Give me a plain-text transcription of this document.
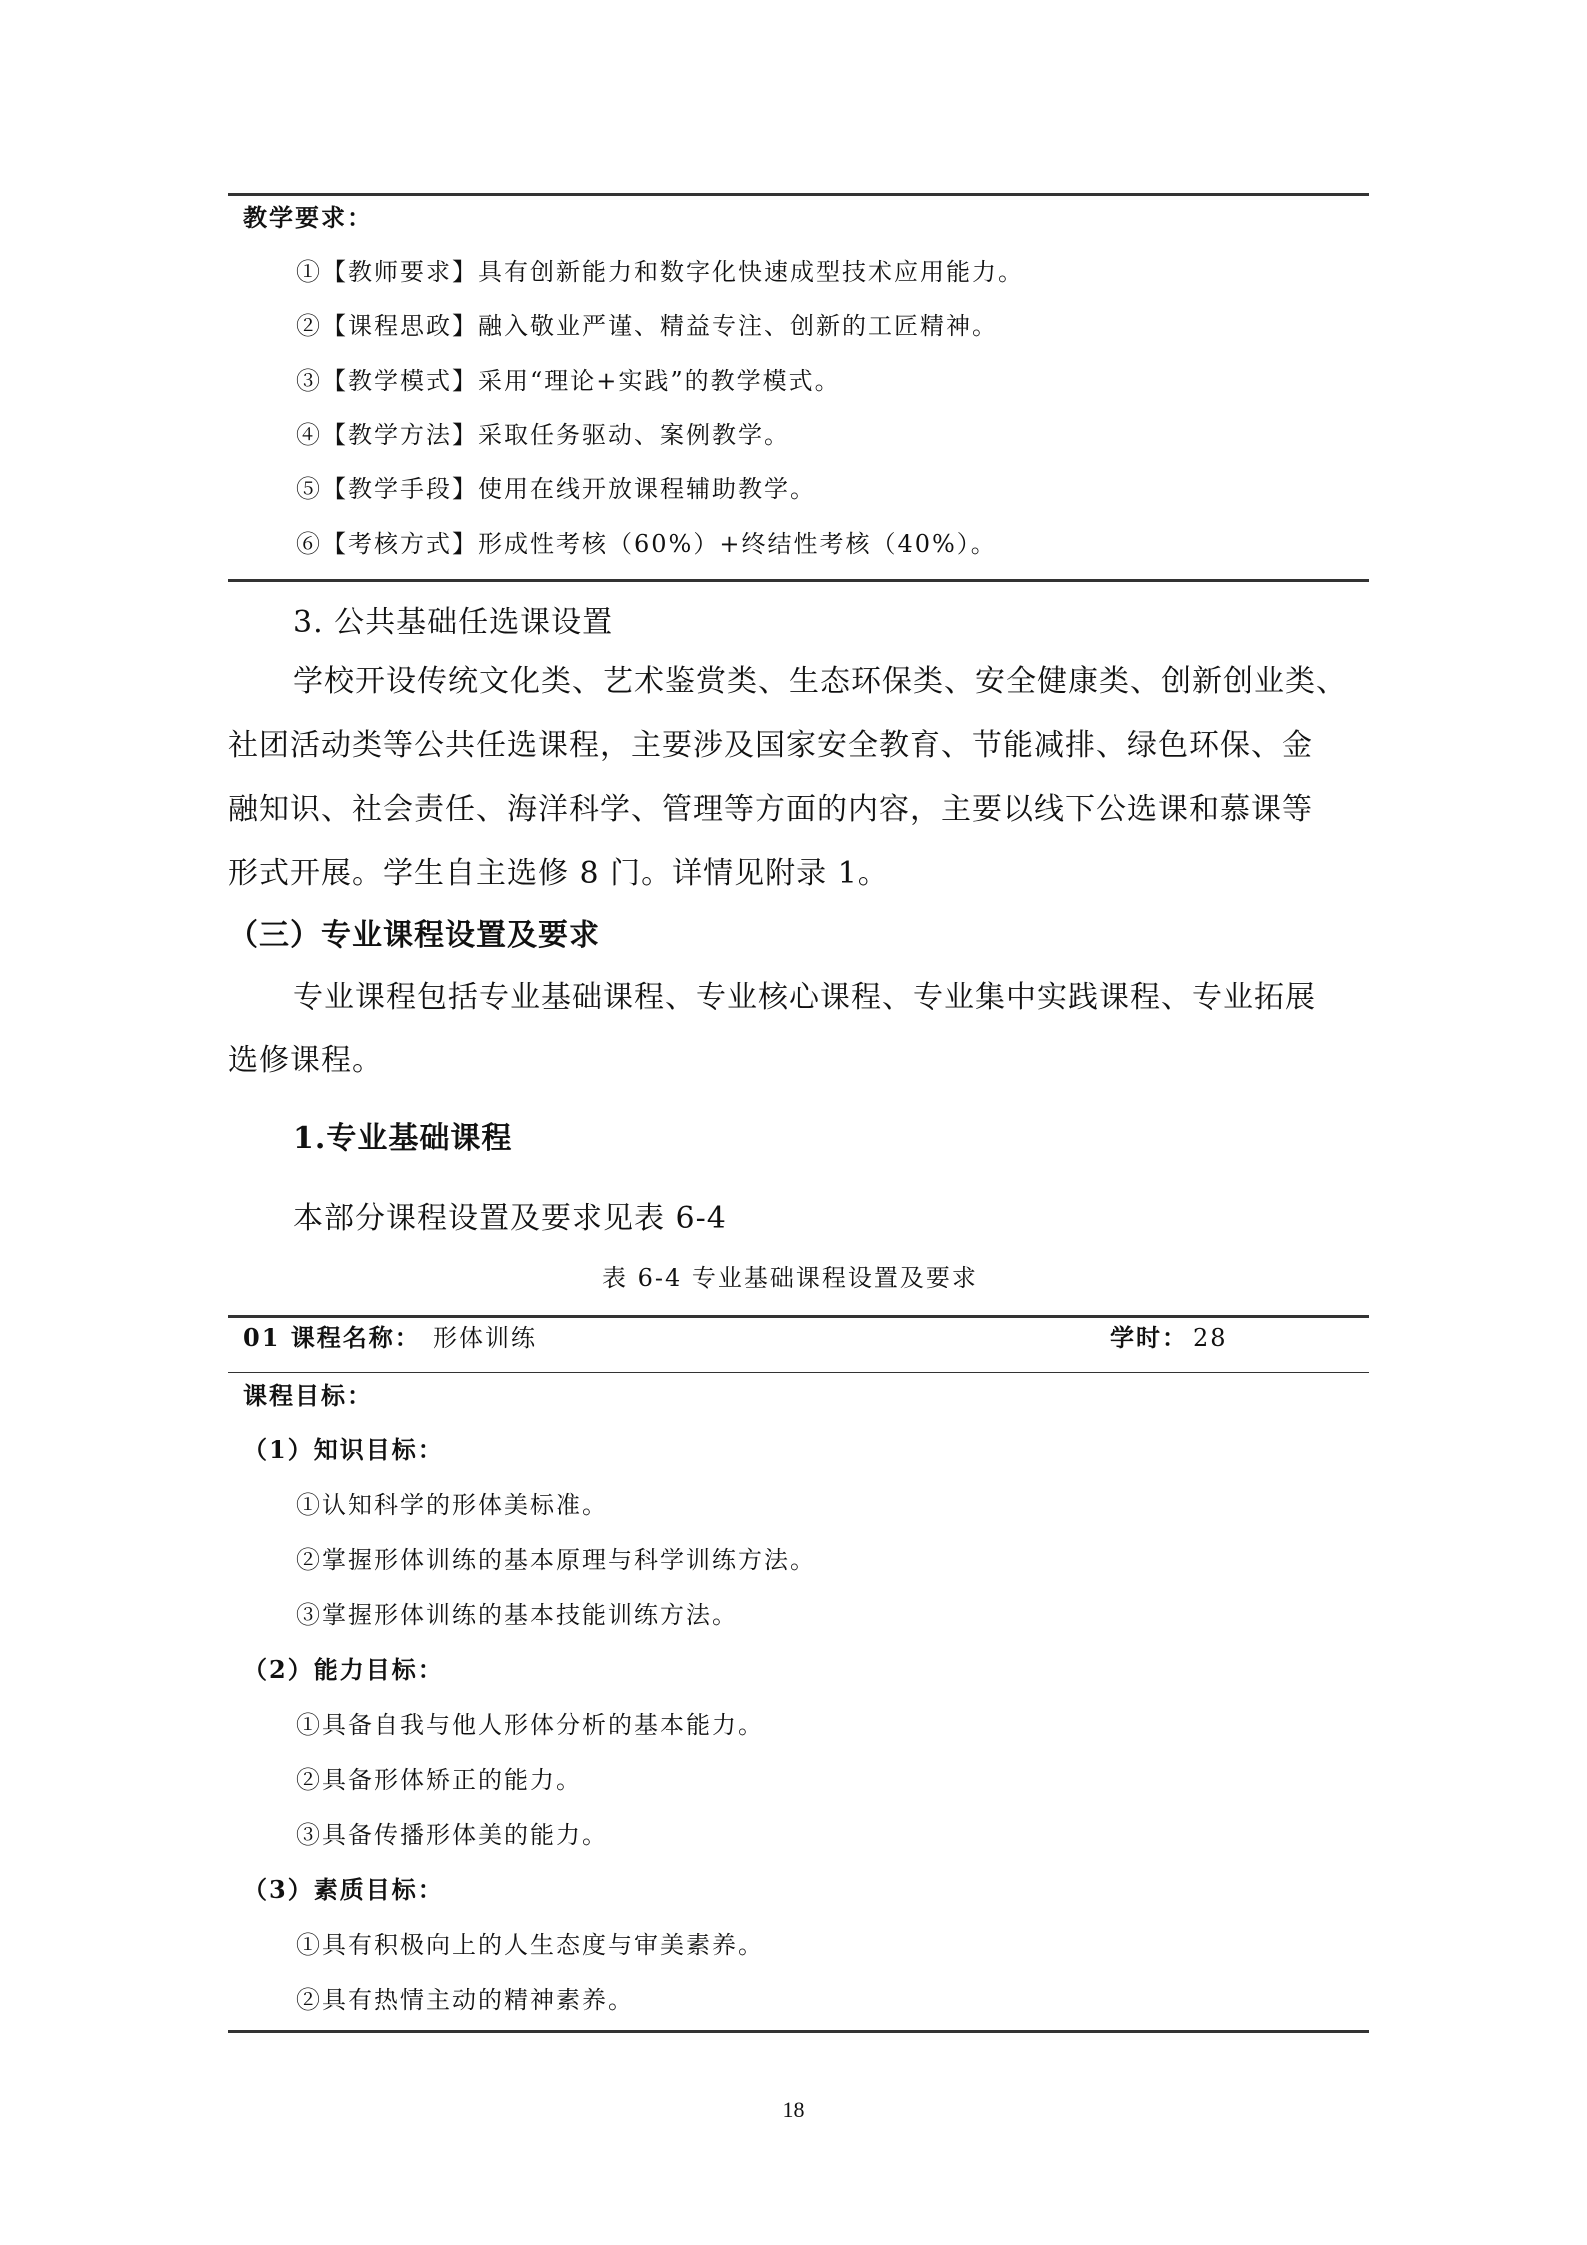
教学要求：
①【教师要求】具有创新能力和数字化快速成型技术应用能力。
②【课程思政】融入敬业严谨、精益专注、创新的工匠精神。
③【教学模式】采用“理论+实践”的教学模式。
④【教学方法】采取任务驱动、案例教学。
⑤【教学手段】使用在线开放课程辅助教学。
⑥【考核方式】形成性考核（60%）+终结性考核（40%）。
3. 公共基础任选课设置
学校开设传统文化类、艺术鉴赏类、生态环保类、安全健康类、创新创业类、
社团活动类等公共任选课程，主要涉及国家安全教育、节能减排、绿色环保、金
融知识、社会责任、海洋科学、管理等方面的内容，主要以线下公选课和慕课等
形式开展。学生自主选修 8 门。详情见附录 1。
（三）专业课程设置及要求
专业课程包括专业基础课程、专业核心课程、专业集中实践课程、专业拓展
选修课程。
1.专业基础课程
本部分课程设置及要求见表 6-4
表 6-4 专业基础课程设置及要求
01 课程名称： 形体训练	学时： 28
课程目标：
（1）知识目标：
①认知科学的形体美标准。
②掌握形体训练的基本原理与科学训练方法。
③掌握形体训练的基本技能训练方法。
（2）能力目标：
①具备自我与他人形体分析的基本能力。
②具备形体矫正的能力。
③具备传播形体美的能力。
（3）素质目标：
①具有积极向上的人生态度与审美素养。
②具有热情主动的精神素养。
18
